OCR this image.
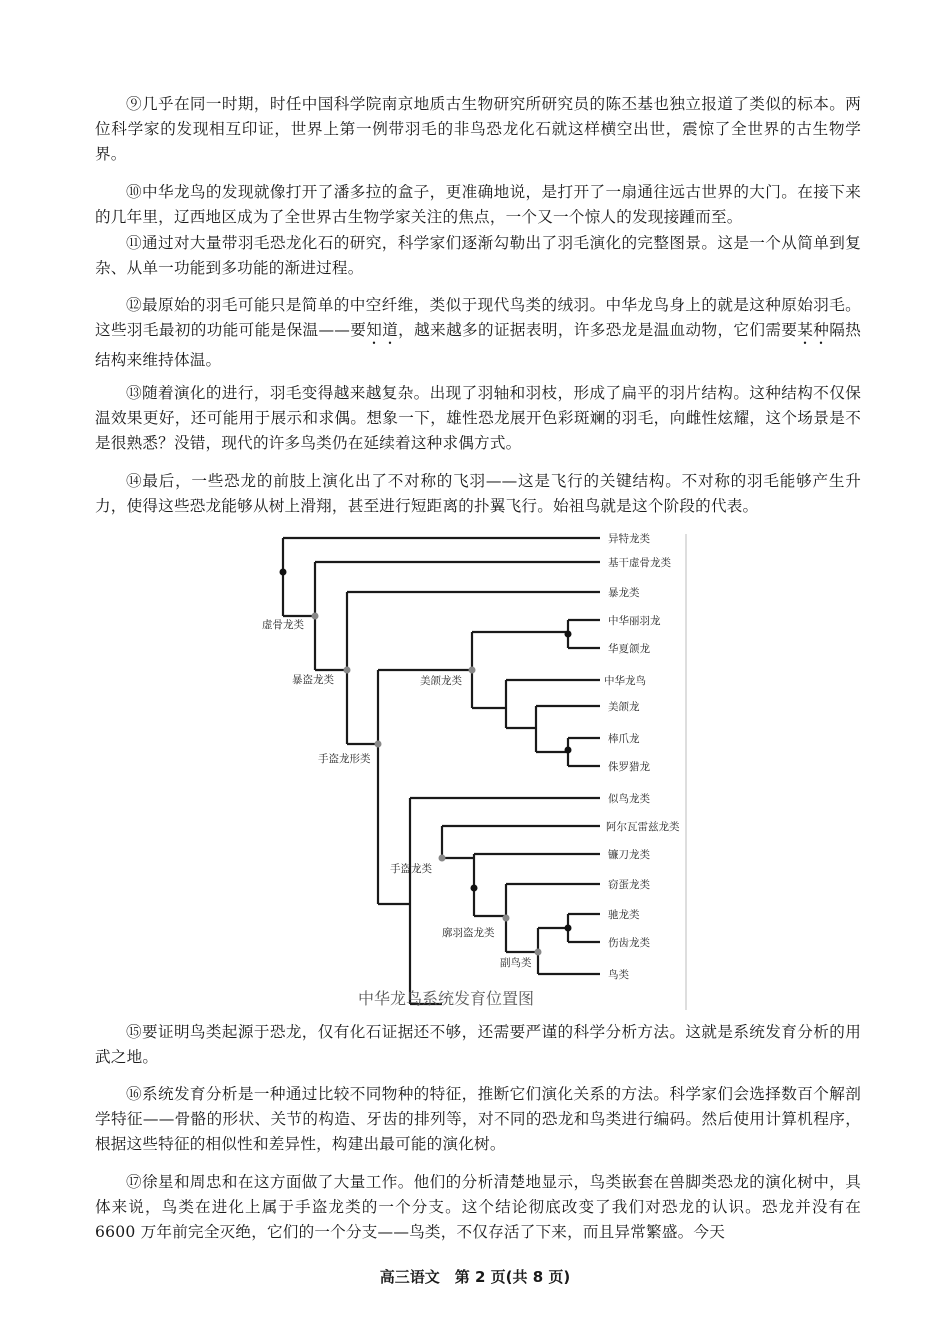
⑨几乎在同一时期，时任中国科学院南京地质古生物研究所研究员的陈丕基也独立报道了类似的标本。两位科学家的发现相互印证，世界上第一例带羽毛的非鸟恐龙化石就这样横空出世，震惊了全世界的古生物学界。

⑩中华龙鸟的发现就像打开了潘多拉的盒子，更准确地说，是打开了一扇通往远古世界的大门。在接下来的几年里，辽西地区成为了全世界古生物学家关注的焦点，一个又一个惊人的发现接踵而至。

⑪通过对大量带羽毛恐龙化石的研究，科学家们逐渐勾勒出了羽毛演化的完整图景。这是一个从简单到复杂、从单一功能到多功能的渐进过程。

⑫最原始的羽毛可能只是简单的中空纤维，类似于现代鸟类的绒羽。中华龙鸟身上的就是这种原始羽毛。这些羽毛最初的功能可能是保温——要知道，越来越多的证据表明，许多恐龙是温血动物，它们需要某种隔热结构来维持体温。

⑬随着演化的进行，羽毛变得越来越复杂。出现了羽轴和羽枝，形成了扁平的羽片结构。这种结构不仅保温效果更好，还可能用于展示和求偶。想象一下，雄性恐龙展开色彩斑斓的羽毛，向雌性炫耀，这个场景是不是很熟悉？没错，现代的许多鸟类仍在延续着这种求偶方式。

⑭最后，一些恐龙的前肢上演化出了不对称的飞羽——这是飞行的关键结构。不对称的羽毛能够产生升力，使得这些恐龙能够从树上滑翔，甚至进行短距离的扑翼飞行。始祖鸟就是这个阶段的代表。

异特龙类
基干虚骨龙类
暴龙类
中华丽羽龙
华夏颌龙
中华龙鸟
美颌龙
棒爪龙
侏罗猎龙
似鸟龙类
阿尔瓦雷兹龙类
镰刀龙类
窃蛋龙类
驰龙类
伤齿龙类
鸟类
虚骨龙类
暴盗龙类	美颌龙类
手盗龙形类
手盗龙类
廓羽盗龙类
副鸟类
中华龙鸟系统发育位置图

⑮要证明鸟类起源于恐龙，仅有化石证据还不够，还需要严谨的科学分析方法。这就是系统发育分析的用武之地。

⑯系统发育分析是一种通过比较不同物种的特征，推断它们演化关系的方法。科学家们会选择数百个解剖学特征——骨骼的形状、关节的构造、牙齿的排列等，对不同的恐龙和鸟类进行编码。然后使用计算机程序，根据这些特征的相似性和差异性，构建出最可能的演化树。

⑰徐星和周忠和在这方面做了大量工作。他们的分析清楚地显示，鸟类嵌套在兽脚类恐龙的演化树中，具体来说，鸟类在进化上属于手盗龙类的一个分支。这个结论彻底改变了我们对恐龙的认识。恐龙并没有在6600 万年前完全灭绝，它们的一个分支——鸟类，不仅存活了下来，而且异常繁盛。今天

高三语文　第 2 页(共 8 页)
